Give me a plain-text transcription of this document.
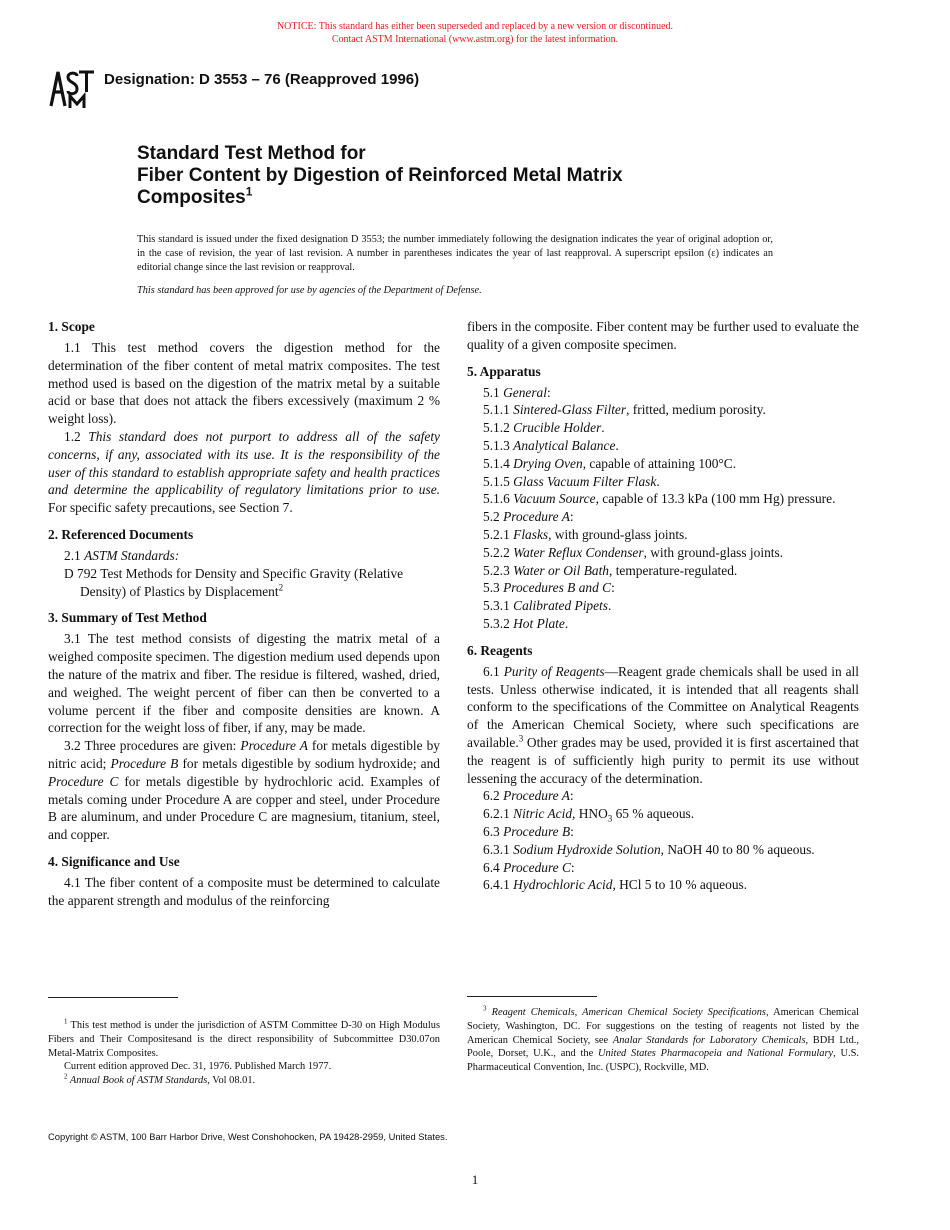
NOTICE: This standard has either been superseded and replaced by a new version or discontinued.
Contact ASTM International (www.astm.org) for the latest information.
ASTM
Designation: D 3553 – 76 (Reapproved 1996)
Standard Test Method for
Fiber Content by Digestion of Reinforced Metal Matrix
Composites$^1$
This standard is issued under the fixed designation D 3553; the number immediately following the designation indicates the year of original adoption or, in the case of revision, the year of last revision. A number in parentheses indicates the year of last reapproval. A superscript epsilon (ε) indicates an editorial change since the last revision or reapproval.
This standard has been approved for use by agencies of the Department of Defense.
1. Scope

1.1 This test method covers the digestion method for the determination of the fiber content of metal matrix composites. The test method used is based on the digestion of the matrix metal by a suitable acid or base that does not attack the fibers excessively (maximum 2 % weight loss).

1.2 This standard does not purport to address all of the safety concerns, if any, associated with its use. It is the responsibility of the user of this standard to establish appropriate safety and health practices and determine the applicability of regulatory limitations prior to use. For specific safety precautions, see Section 7.

2. Referenced Documents

2.1 ASTM Standards:

D 792 Test Methods for Density and Specific Gravity (Relative Density) of Plastics by Displacement$^2$

3. Summary of Test Method

3.1 The test method consists of digesting the matrix metal of a weighed composite specimen. The digestion medium used depends upon the nature of the matrix and fiber. The residue is filtered, washed, dried, and weighed. The weight percent of fiber can then be converted to a volume percent if the fiber and composite densities are known. A correction for the weight loss of fiber, if any, may be made.

3.2 Three procedures are given: Procedure A for metals digestible by nitric acid; Procedure B for metals digestible by sodium hydroxide; and Procedure C for metals digestible by hydrochloric acid. Examples of metals coming under Procedure A are copper and steel, under Procedure B are aluminum, and under Procedure C are magnesium, titanium, steel, and copper.

4. Significance and Use

4.1 The fiber content of a composite must be determined to calculate the apparent strength and modulus of the reinforcing

fibers in the composite. Fiber content may be further used to evaluate the quality of a given composite specimen.

5. Apparatus

5.1 General:

5.1.1 Sintered-Glass Filter, fritted, medium porosity.

5.1.2 Crucible Holder.

5.1.3 Analytical Balance.

5.1.4 Drying Oven, capable of attaining 100°C.

5.1.5 Glass Vacuum Filter Flask.

5.1.6 Vacuum Source, capable of 13.3 kPa (100 mm Hg) pressure.

5.2 Procedure A:

5.2.1 Flasks, with ground-glass joints.

5.2.2 Water Reflux Condenser, with ground-glass joints.

5.2.3 Water or Oil Bath, temperature-regulated.

5.3 Procedures B and C:

5.3.1 Calibrated Pipets.

5.3.2 Hot Plate.

6. Reagents

6.1 Purity of Reagents—Reagent grade chemicals shall be used in all tests. Unless otherwise indicated, it is intended that all reagents shall conform to the specifications of the Committee on Analytical Reagents of the American Chemical Society, where such specifications are available.$^3$ Other grades may be used, provided it is first ascertained that the reagent is of sufficiently high purity to permit its use without lessening the accuracy of the determination.

6.2 Procedure A:

6.2.1 Nitric Acid, $HNO_3$ 65 % aqueous.

6.3 Procedure B:

6.3.1 Sodium Hydroxide Solution, NaOH 40 to 80 % aqueous.

6.4 Procedure C:

6.4.1 Hydrochloric Acid, HCl 5 to 10 % aqueous.

$^1$ This test method is under the jurisdiction of ASTM Committee D-30 on High Modulus Fibers and Their Compositesand is the direct responsibility of Subcommittee D30.07on Metal-Matrix Composites.

Current edition approved Dec. 31, 1976. Published March 1977.

$^2$ Annual Book of ASTM Standards, Vol 08.01.

$^3$ Reagent Chemicals, American Chemical Society Specifications, American Chemical Society, Washington, DC. For suggestions on the testing of reagents not listed by the American Chemical Society, see Analar Standards for Laboratory Chemicals, BDH Ltd., Poole, Dorset, U.K., and the United States Pharmacopeia and National Formulary, U.S. Pharmaceutical Convention, Inc. (USPC), Rockville, MD.

Copyright © ASTM, 100 Barr Harbor Drive, West Conshohocken, PA 19428-2959, United States.
1
